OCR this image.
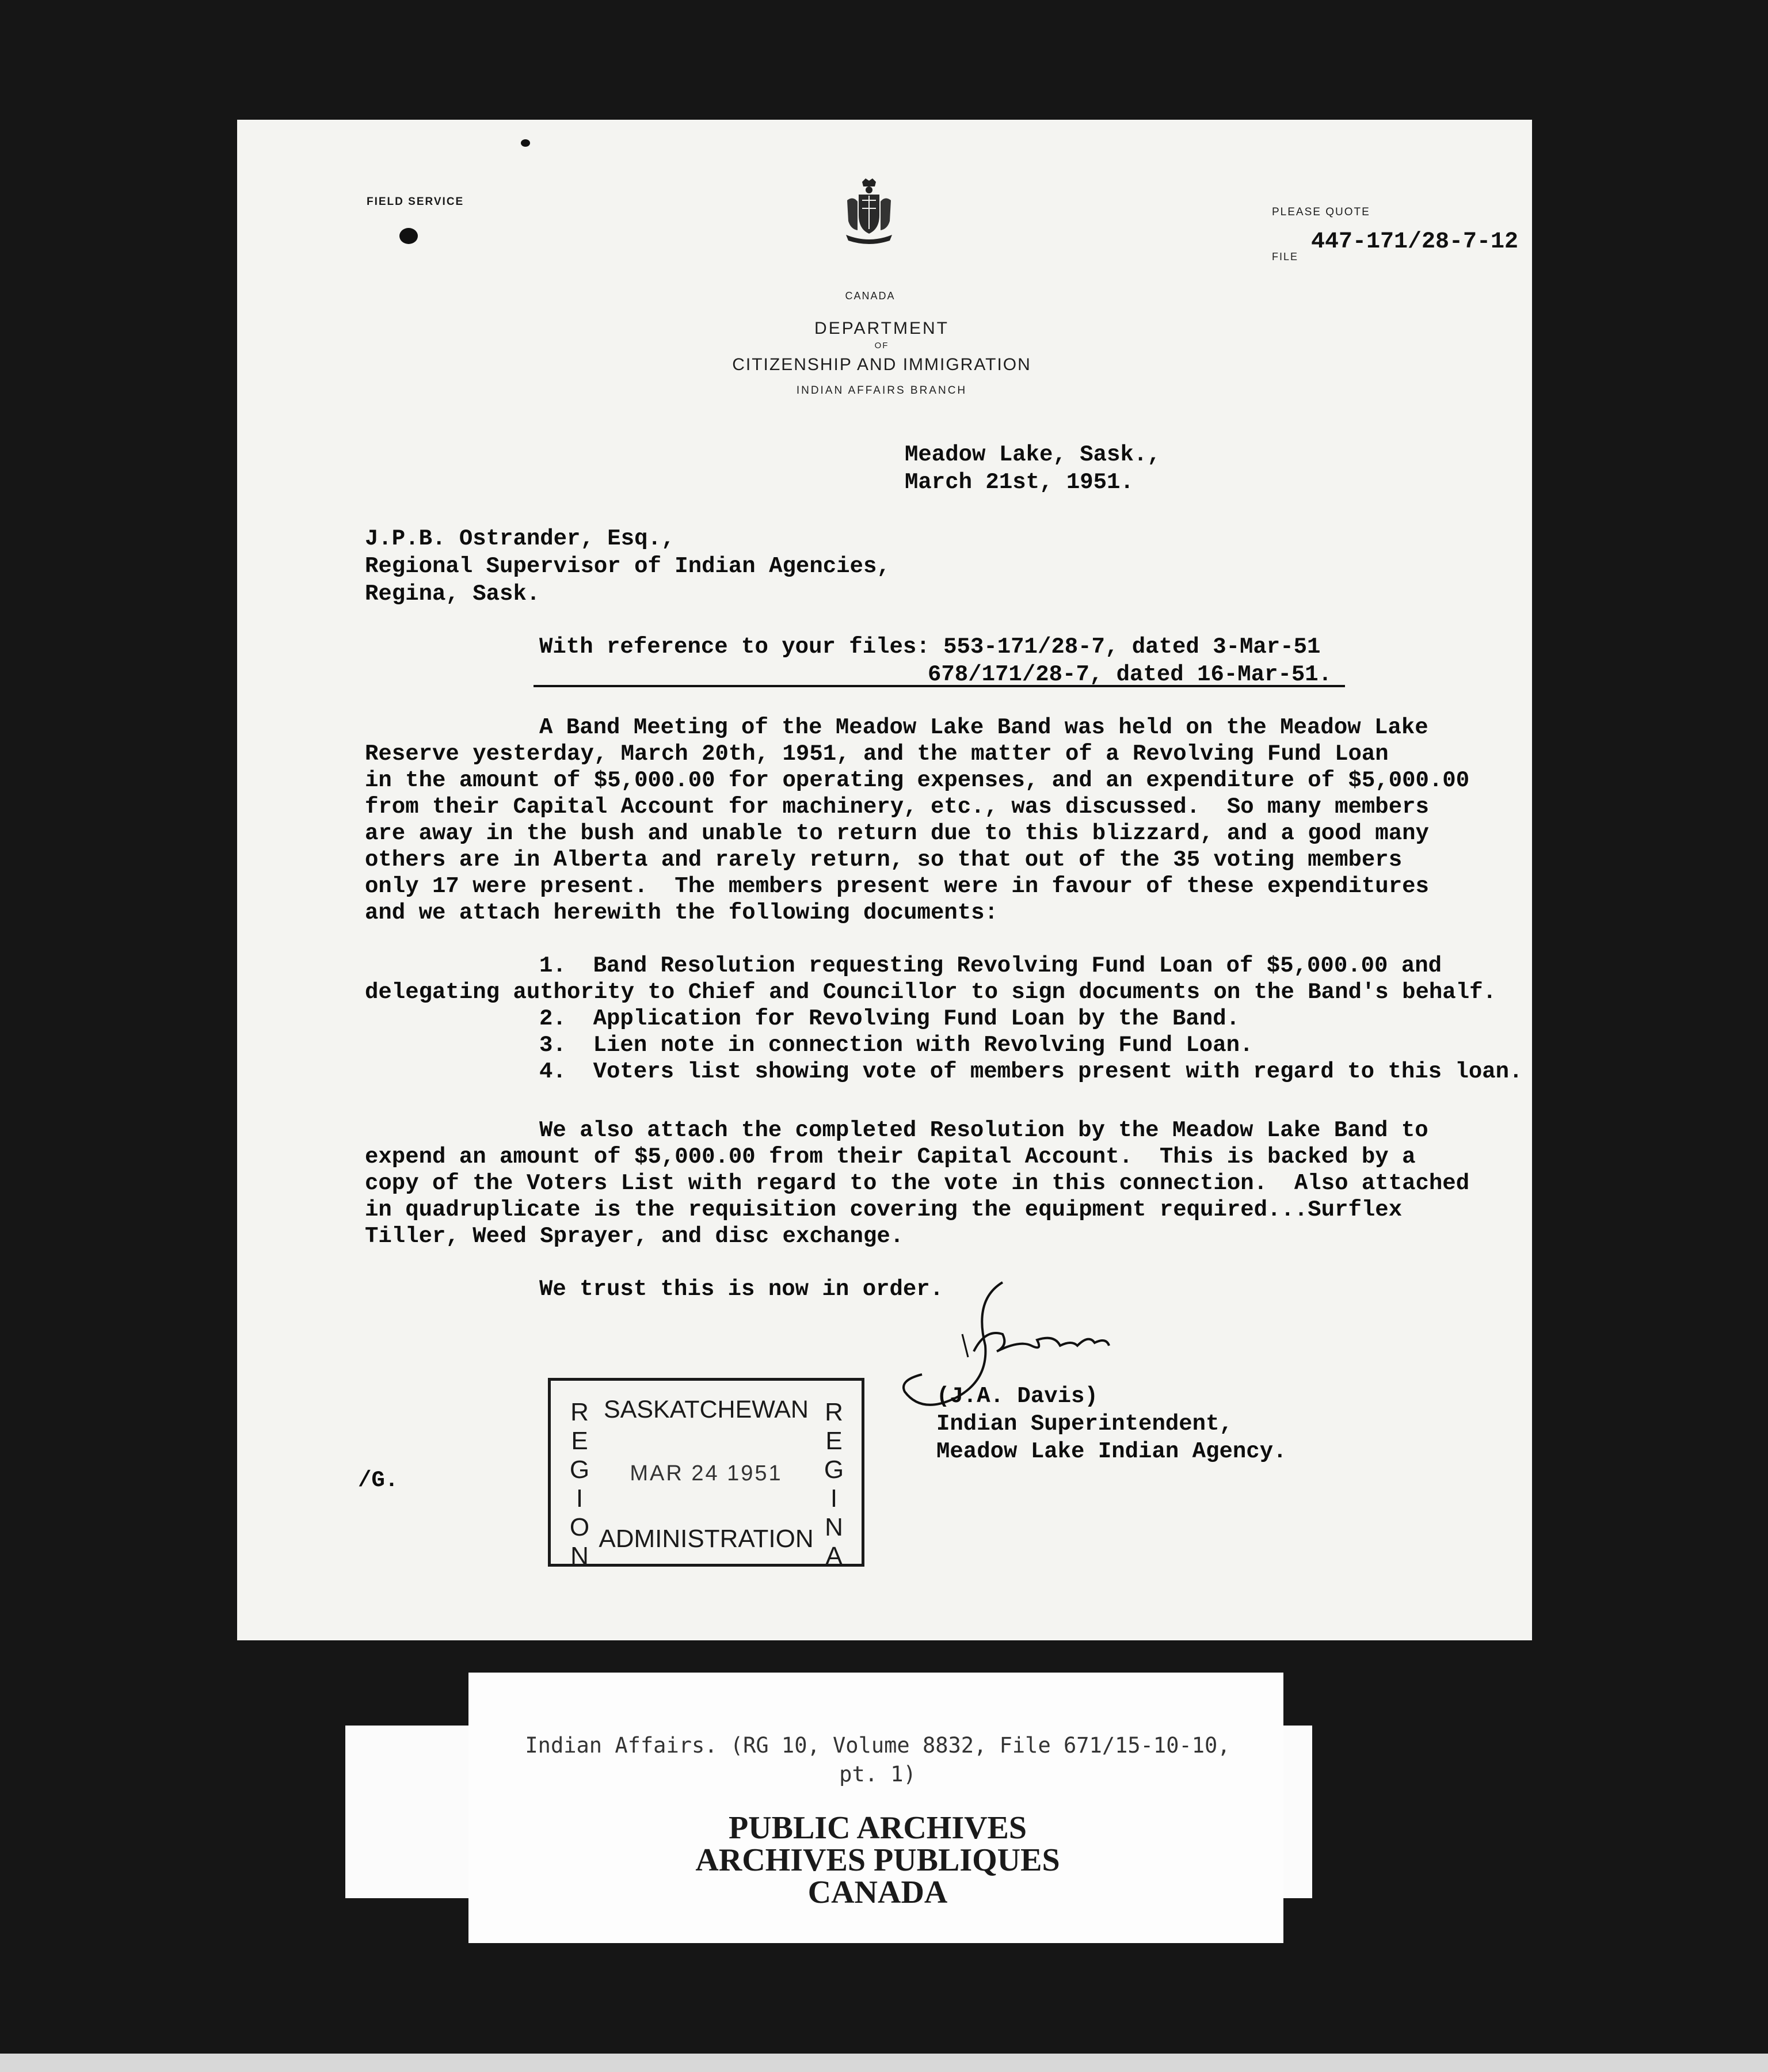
FIELD SERVICE
CANADA
DEPARTMENT
OF
CITIZENSHIP AND IMMIGRATION
INDIAN AFFAIRS BRANCH
PLEASE QUOTE
FILE
447-171/28-7-12
Meadow Lake, Sask.,
March 21st, 1951.
J.P.B. Ostrander, Esq.,
Regional Supervisor of Indian Agencies,
Regina, Sask.
With reference to your files: 553-171/28-7, dated 3-Mar-51
678/171/28-7, dated 16-Mar-51.
A Band Meeting of the Meadow Lake Band was held on the Meadow Lake
Reserve yesterday, March 20th, 1951, and the matter of a Revolving Fund Loan
in the amount of $5,000.00 for operating expenses, and an expenditure of $5,000.00
from their Capital Account for machinery, etc., was discussed.  So many members
are away in the bush and unable to return due to this blizzard, and a good many
others are in Alberta and rarely return, so that out of the 35 voting members
only 17 were present.  The members present were in favour of these expenditures
and we attach herewith the following documents:
1.  Band Resolution requesting Revolving Fund Loan of $5,000.00 and
delegating authority to Chief and Councillor to sign documents on the Band's behalf.
2.  Application for Revolving Fund Loan by the Band.
3.  Lien note in connection with Revolving Fund Loan.
4.  Voters list showing vote of members present with regard to this loan.
We also attach the completed Resolution by the Meadow Lake Band to
expend an amount of $5,000.00 from their Capital Account.  This is backed by a
copy of the Voters List with regard to the vote in this connection.  Also attached
in quadruplicate is the requisition covering the equipment required...Surflex
Tiller, Weed Sprayer, and disc exchange.
We trust this is now in order.
(J.A. Davis)
Indian Superintendent,
Meadow Lake Indian Agency.
/G.
R
E
G
I
O
N
R
E
G
I
N
A
SASKATCHEWAN
MAR 24 1951
ADMINISTRATION
Indian Affairs. (RG 10, Volume 8832, File 671/15-10-10,
pt. 1)
PUBLIC ARCHIVES
ARCHIVES PUBLIQUES
CANADA
